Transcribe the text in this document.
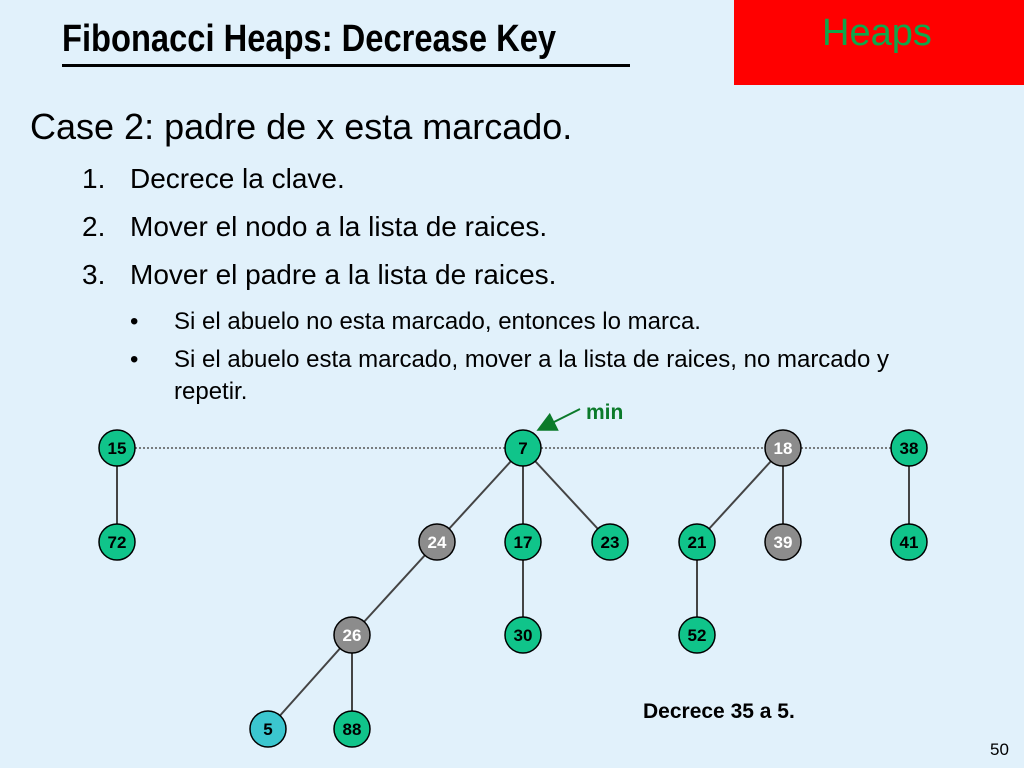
Fibonacci Heaps: Decrease Key	Heaps
Case 2: padre de x esta marcado.
1. Decrece la clave.
2. Mover el nodo a la lista de raices.
3. Mover el padre a la lista de raices.
• Si el abuelo no esta marcado, entonces lo marca.
• Si el abuelo esta marcado, mover a la lista de raices, no marcado y repetir.
15	7	18	38
72	24	17	23	21	39	41
26	30	52
5	88
min
Decrece 35 a 5.
50
